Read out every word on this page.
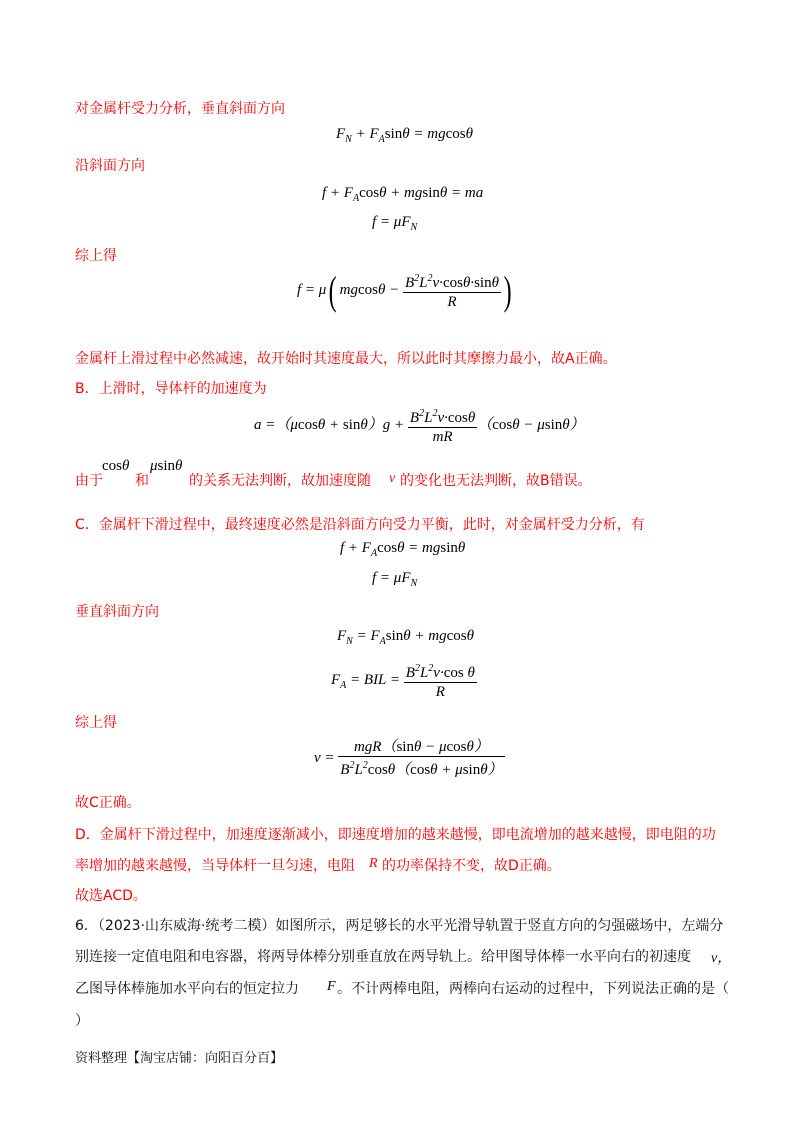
对金属杆受力分析，垂直斜面方向
$F_N + F_A\sin\theta = mgcos\theta$
沿斜面方向
$f + F_A\cos\theta + mgsin\theta$ = ma
$f = \mu F_N$
综上得
f = μ( $mgcos\theta - \frac{B^2L^2v\cdot\cos\theta\cdot\sin\theta}{R}$ )
金属杆上滑过程中必然减速，故开始时其速度最大，所以此时其摩擦力最小，故A正确。
B．上滑时，导体杆的加速度为
$a =(\mu\cos\theta + \sin\theta)g + \frac{B^2L^2v\cdot\cos\theta}{mR} (\cos\theta - \mu\sin\theta)$
由于
cosθ
和
μsinθ
的关系无法判断，故加速度随 v 的变化也无法判断，故B错误。
C．金属杆下滑过程中，最终速度必然是沿斜面方向受力平衡，此时，对金属杆受力分析，有
$f + F_A\cos\theta = mgsin\theta$
$f = \mu F_N$
垂直斜面方向
$F_N = F_A\sin\theta + mgcos\theta$
$F_A$ = BIL = $\frac{B^2L^2v\cdot\cos \theta}{R}$
综上得
$v = \frac{\text{mgR（sinθ − μcosθ）}}{B^2L^2\cos\theta(\cos\theta + \mu\sin\theta)}$
故C正确。
D．金属杆下滑过程中，加速度逐渐减小，即速度增加的越来越慢，即电流增加的越来越慢，即电阻的功
率增加的越来越慢，当导体杆一旦匀速，电阻 R 的功率保持不变，故D正确。
故选ACD。
6．（2023·山东威海·统考二模）如图所示，两足够长的水平光滑导轨置于竖直方向的匀强磁场中，左端分
别连接一定值电阻和电容器，将两导体棒分别垂直放在两导轨上。给甲图导体棒一水平向右的初速度 v，
乙图导体棒施加水平向右的恒定拉力 F 。不计两棒电阻，两棒向右运动的过程中，下列说法正确的是（
）
资料整理【淘宝店铺：向阳百分百】
